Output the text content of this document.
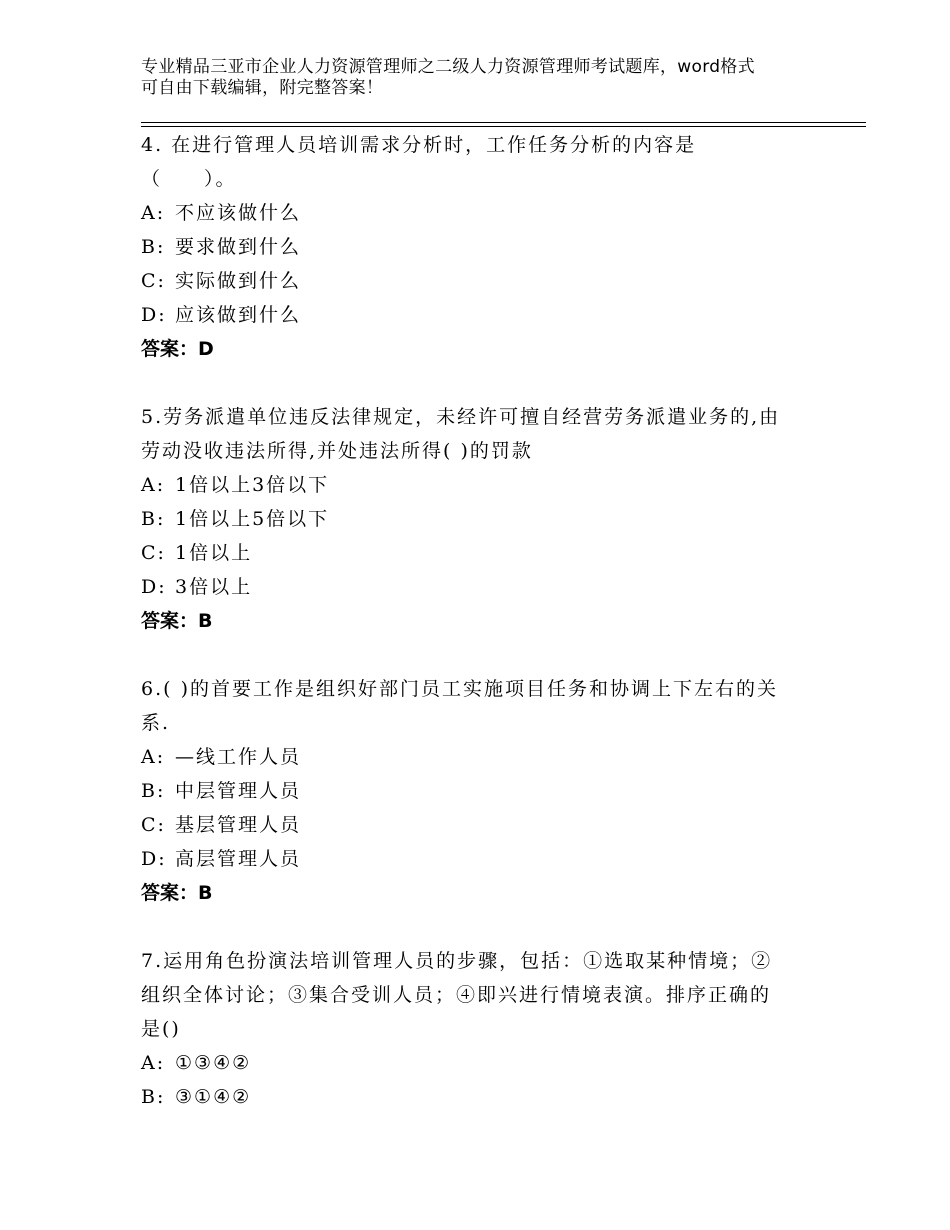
专业精品三亚市企业人力资源管理师之二级人力资源管理师考试题库，word格式
可自由下载编辑，附完整答案！
4. 在进行管理人员培训需求分析时，工作任务分析的内容是
（　　）。
A: 不应该做什么
B: 要求做到什么
C: 实际做到什么
D: 应该做到什么
答案：D
5.劳务派遣单位违反法律规定，未经许可擅自经营劳务派遣业务的,由
劳动没收违法所得,并处违法所得( )的罚款
A: 1倍以上3倍以下
B: 1倍以上5倍以下
C: 1倍以上
D: 3倍以上
答案：B
6.( )的首要工作是组织好部门员工实施项目任务和协调上下左右的关
系.
A: —线工作人员
B: 中层管理人员
C: 基层管理人员
D: 高层管理人员
答案：B
7.运用角色扮演法培训管理人员的步骤，包括：①选取某种情境；②
组织全体讨论；③集合受训人员；④即兴进行情境表演。排序正确的
是()
A: ①③④②
B: ③①④②
